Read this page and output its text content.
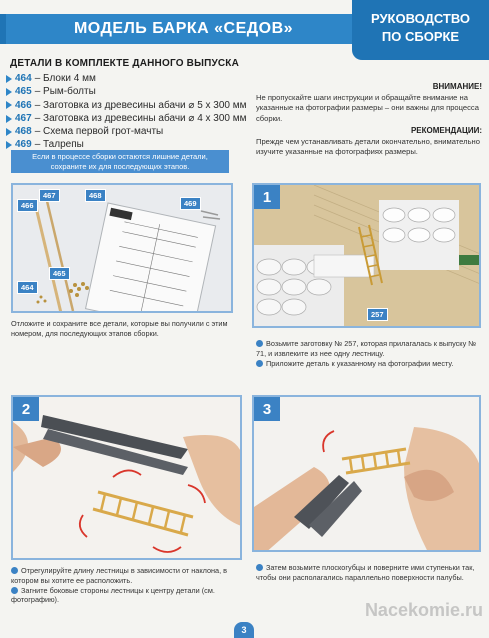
МОДЕЛЬ БАРКА «СЕДОВ»
РУКОВОДСТВО
ПО СБОРКЕ
ДЕТАЛИ В КОМПЛЕКТЕ ДАННОГО ВЫПУСКА
464 – Блоки 4 мм
465 – Рым-болты
466 – Заготовка из древесины абачи ⌀ 5 x 300 мм
467 – Заготовка из древесины абачи ⌀ 4 x 300 мм
468 – Схема первой грот-мачты
469 – Талрепы
Если в процессе сборки остаются лишние детали, сохраните их для последующих этапов.
ВНИМАНИЕ!

Не пропускайте шаги инструкции и обращайте внимание на указанные на фотографии размеры – они важны для процесса сборки.

РЕКОМЕНДАЦИИ:

Прежде чем устанавливать детали окончательно, внимательно изучите указанные на фотографиях размеры.

466
467	468
469
465
464
Отложите и сохраните все детали, которые вы получили с этим номером, для последующих этапов сборки.
1
257

Возьмите заготовку № 257, которая прилагалась к выпуску № 71, и извлеките из нее одну лестницу.

Приложите деталь к указанному на фотографии месту.

2

Отрегулируйте длину лестницы в зависимости от наклона, в котором вы хотите ее расположить.

Загните боковые стороны лестницы к центру детали (см. фотографию).

3

Затем возьмите плоскогубцы и поверните ими ступеньки так, чтобы они располагались параллельно поверхности палубы.

Nacekomie.ru
3
